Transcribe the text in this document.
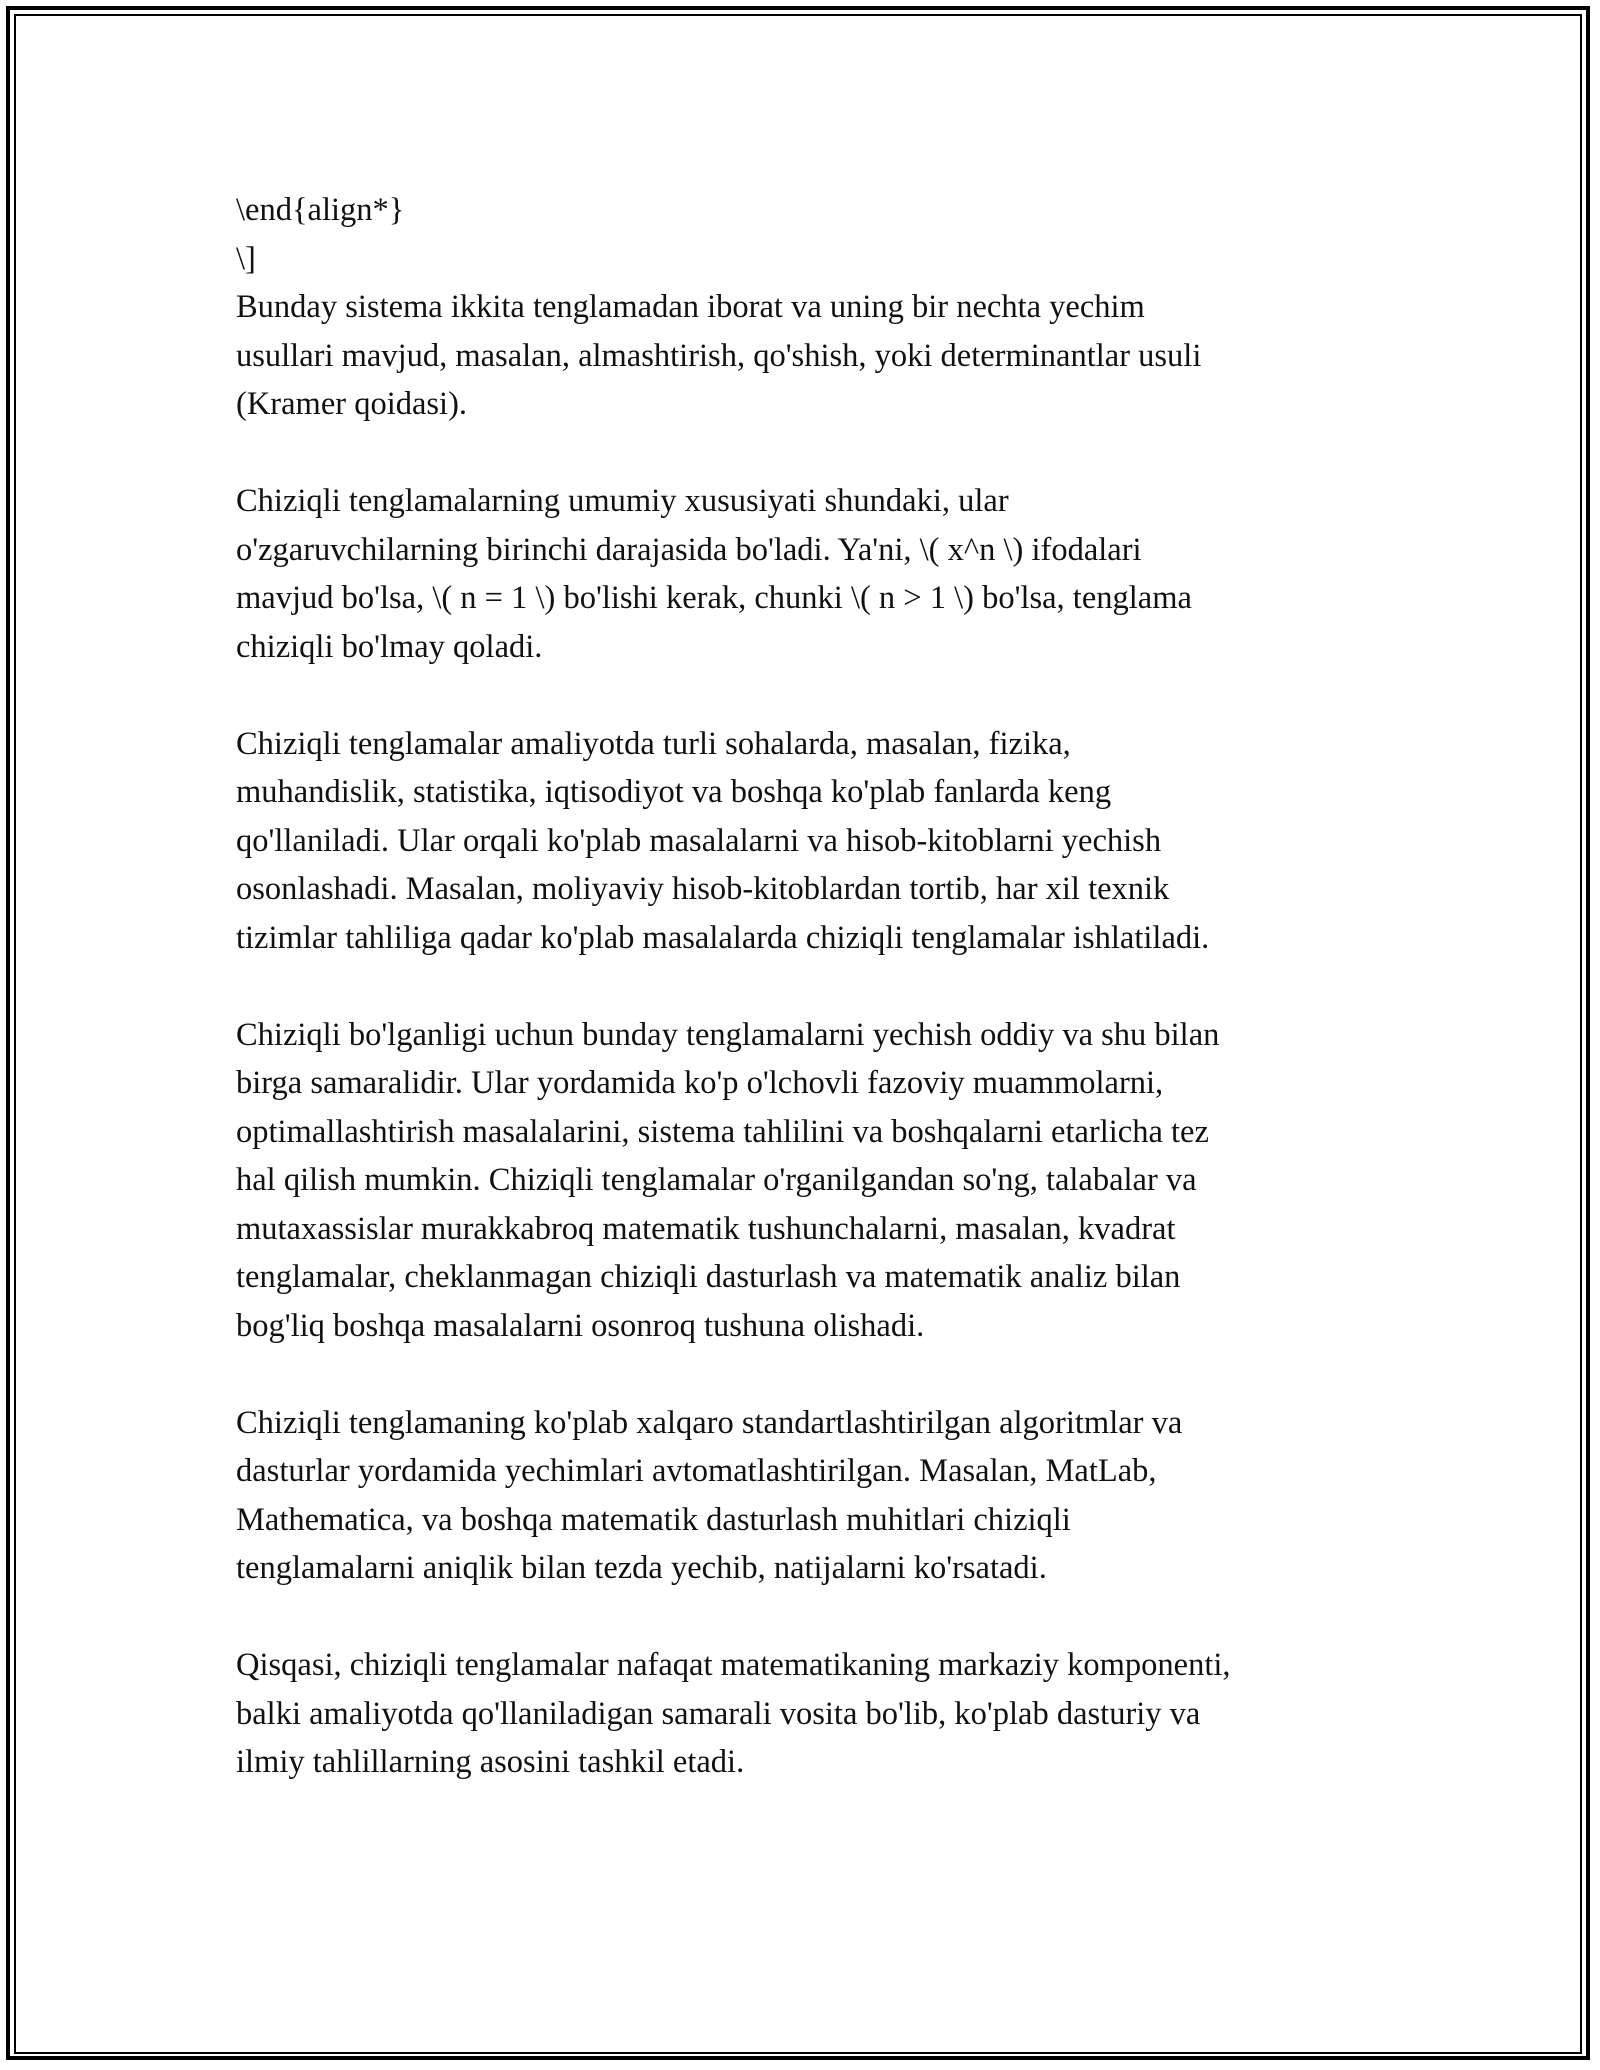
\end{align*}
\]
Bunday sistema ikkita tenglamadan iborat va uning bir nechta yechim
usullari mavjud, masalan, almashtirish, qo'shish, yoki determinantlar usuli
(Kramer qoidasi).
Chiziqli tenglamalarning umumiy xususiyati shundaki, ular
o'zgaruvchilarning birinchi darajasida bo'ladi. Ya'ni, \( x^n \) ifodalari
mavjud bo'lsa, \( n = 1 \) bo'lishi kerak, chunki \( n > 1 \) bo'lsa, tenglama
chiziqli bo'lmay qoladi.
Chiziqli tenglamalar amaliyotda turli sohalarda, masalan, fizika,
muhandislik, statistika, iqtisodiyot va boshqa ko'plab fanlarda keng
qo'llaniladi. Ular orqali ko'plab masalalarni va hisob-kitoblarni yechish
osonlashadi. Masalan, moliyaviy hisob-kitoblardan tortib, har xil texnik
tizimlar tahliliga qadar ko'plab masalalarda chiziqli tenglamalar ishlatiladi.
Chiziqli bo'lganligi uchun bunday tenglamalarni yechish oddiy va shu bilan
birga samaralidir. Ular yordamida ko'p o'lchovli fazoviy muammolarni,
optimallashtirish masalalarini, sistema tahlilini va boshqalarni etarlicha tez
hal qilish mumkin. Chiziqli tenglamalar o'rganilgandan so'ng, talabalar va
mutaxassislar murakkabroq matematik tushunchalarni, masalan, kvadrat
tenglamalar, cheklanmagan chiziqli dasturlash va matematik analiz bilan
bog'liq boshqa masalalarni osonroq tushuna olishadi.
Chiziqli tenglamaning ko'plab xalqaro standartlashtirilgan algoritmlar va
dasturlar yordamida yechimlari avtomatlashtirilgan. Masalan, MatLab,
Mathematica, va boshqa matematik dasturlash muhitlari chiziqli
tenglamalarni aniqlik bilan tezda yechib, natijalarni ko'rsatadi.
Qisqasi, chiziqli tenglamalar nafaqat matematikaning markaziy komponenti,
balki amaliyotda qo'llaniladigan samarali vosita bo'lib, ko'plab dasturiy va
ilmiy tahlillarning asosini tashkil etadi.
